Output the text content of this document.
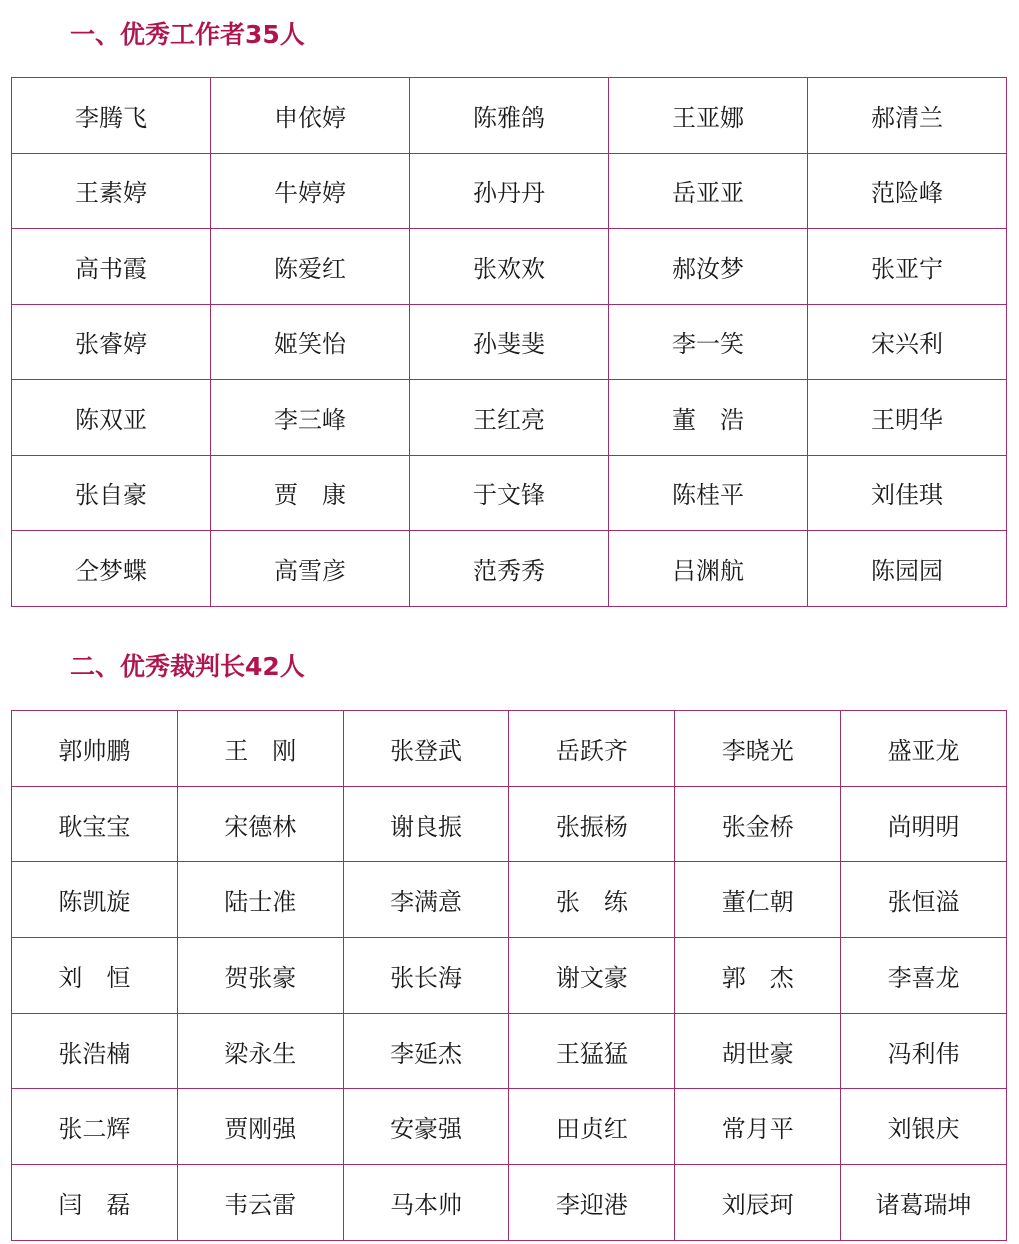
一、优秀工作者35人
李腾飞	申依婷	陈雅鸽	王亚娜	郝清兰
王素婷	牛婷婷	孙丹丹	岳亚亚	范险峰
高书霞	陈爱红	张欢欢	郝汝梦	张亚宁
张睿婷	姬笑怡	孙斐斐	李一笑	宋兴利
陈双亚	李三峰	王红亮	董　浩	王明华
张自豪	贾　康	于文锋	陈桂平	刘佳琪
仝梦蝶	高雪彦	范秀秀	吕渊航	陈园园
二、优秀裁判长42人
郭帅鹏	王　刚	张登武	岳跃齐	李晓光	盛亚龙
耿宝宝	宋德林	谢良振	张振杨	张金桥	尚明明
陈凯旋	陆士准	李满意	张　练	董仁朝	张恒溢
刘　恒	贺张豪	张长海	谢文豪	郭　杰	李喜龙
张浩楠	梁永生	李延杰	王猛猛	胡世豪	冯利伟
张二辉	贾刚强	安豪强	田贞红	常月平	刘银庆
闫　磊	韦云雷	马本帅	李迎港	刘辰珂	诸葛瑞坤
